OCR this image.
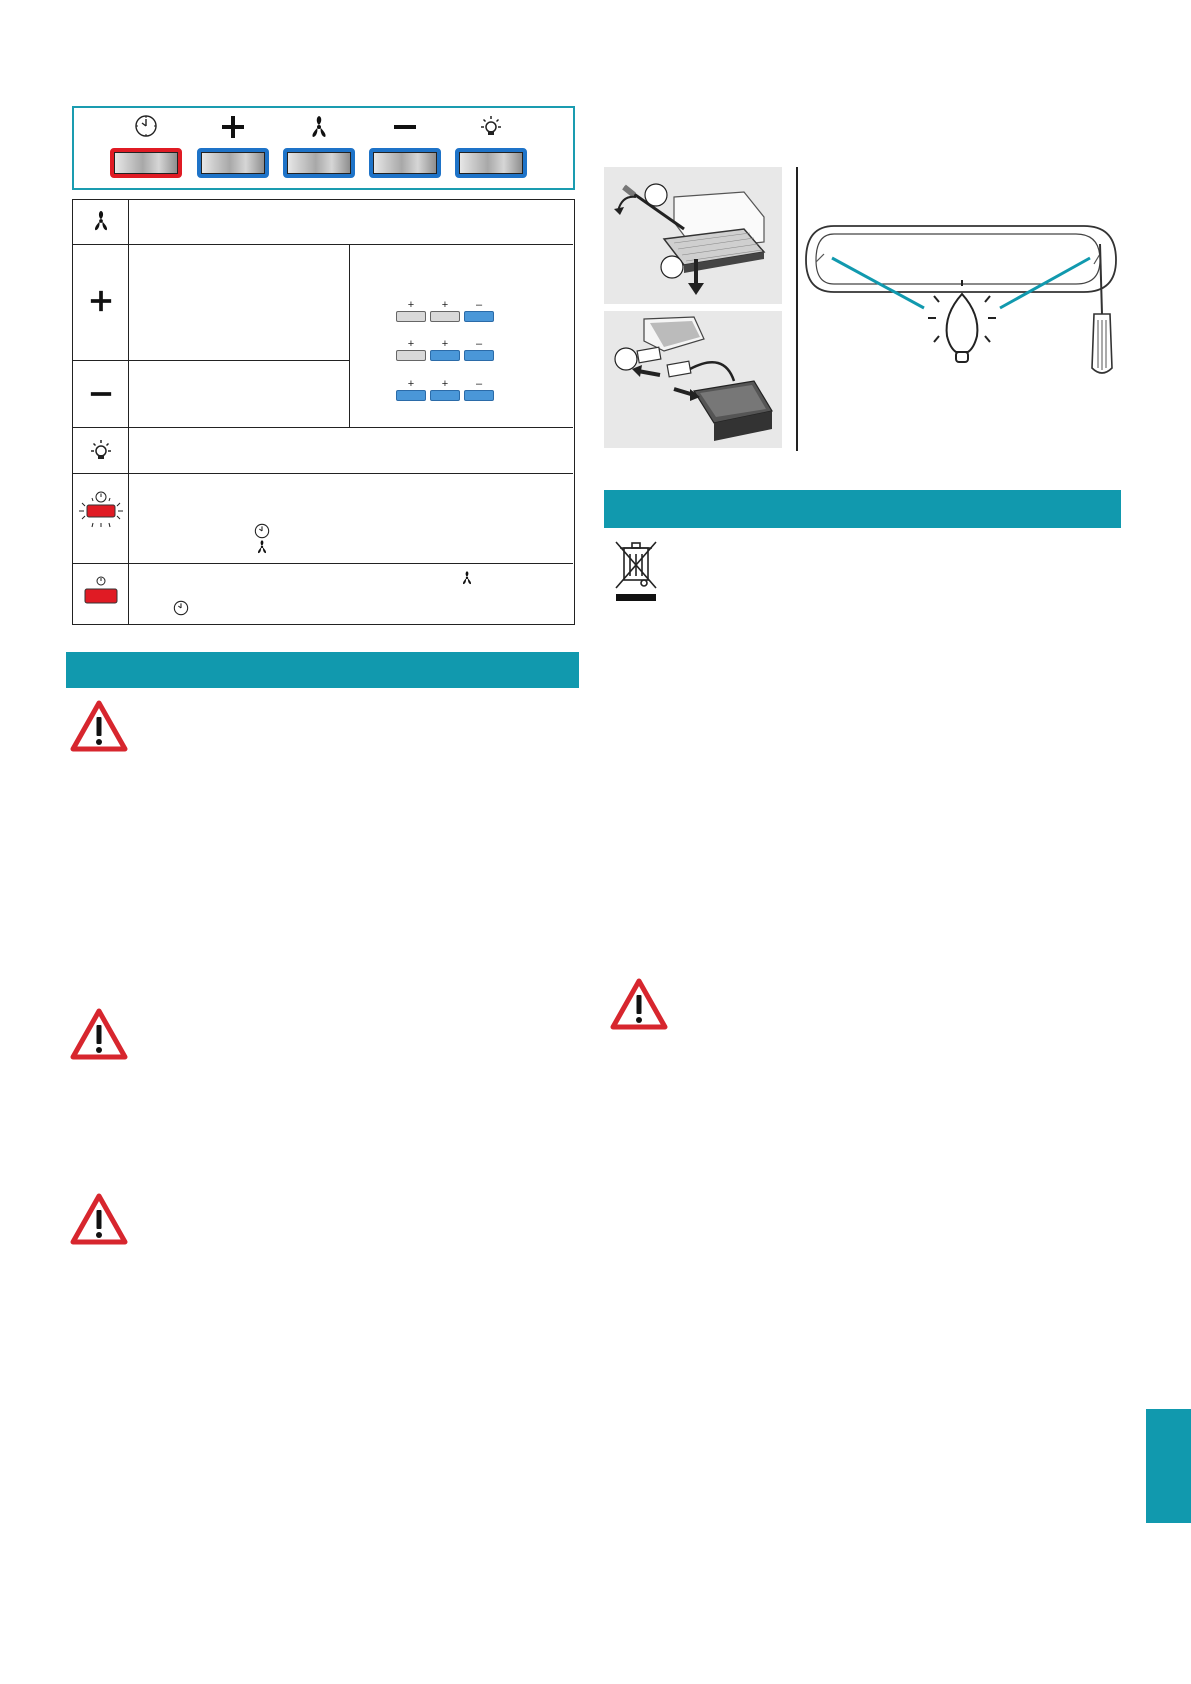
+	+	–
+	+	–
+	+	–
